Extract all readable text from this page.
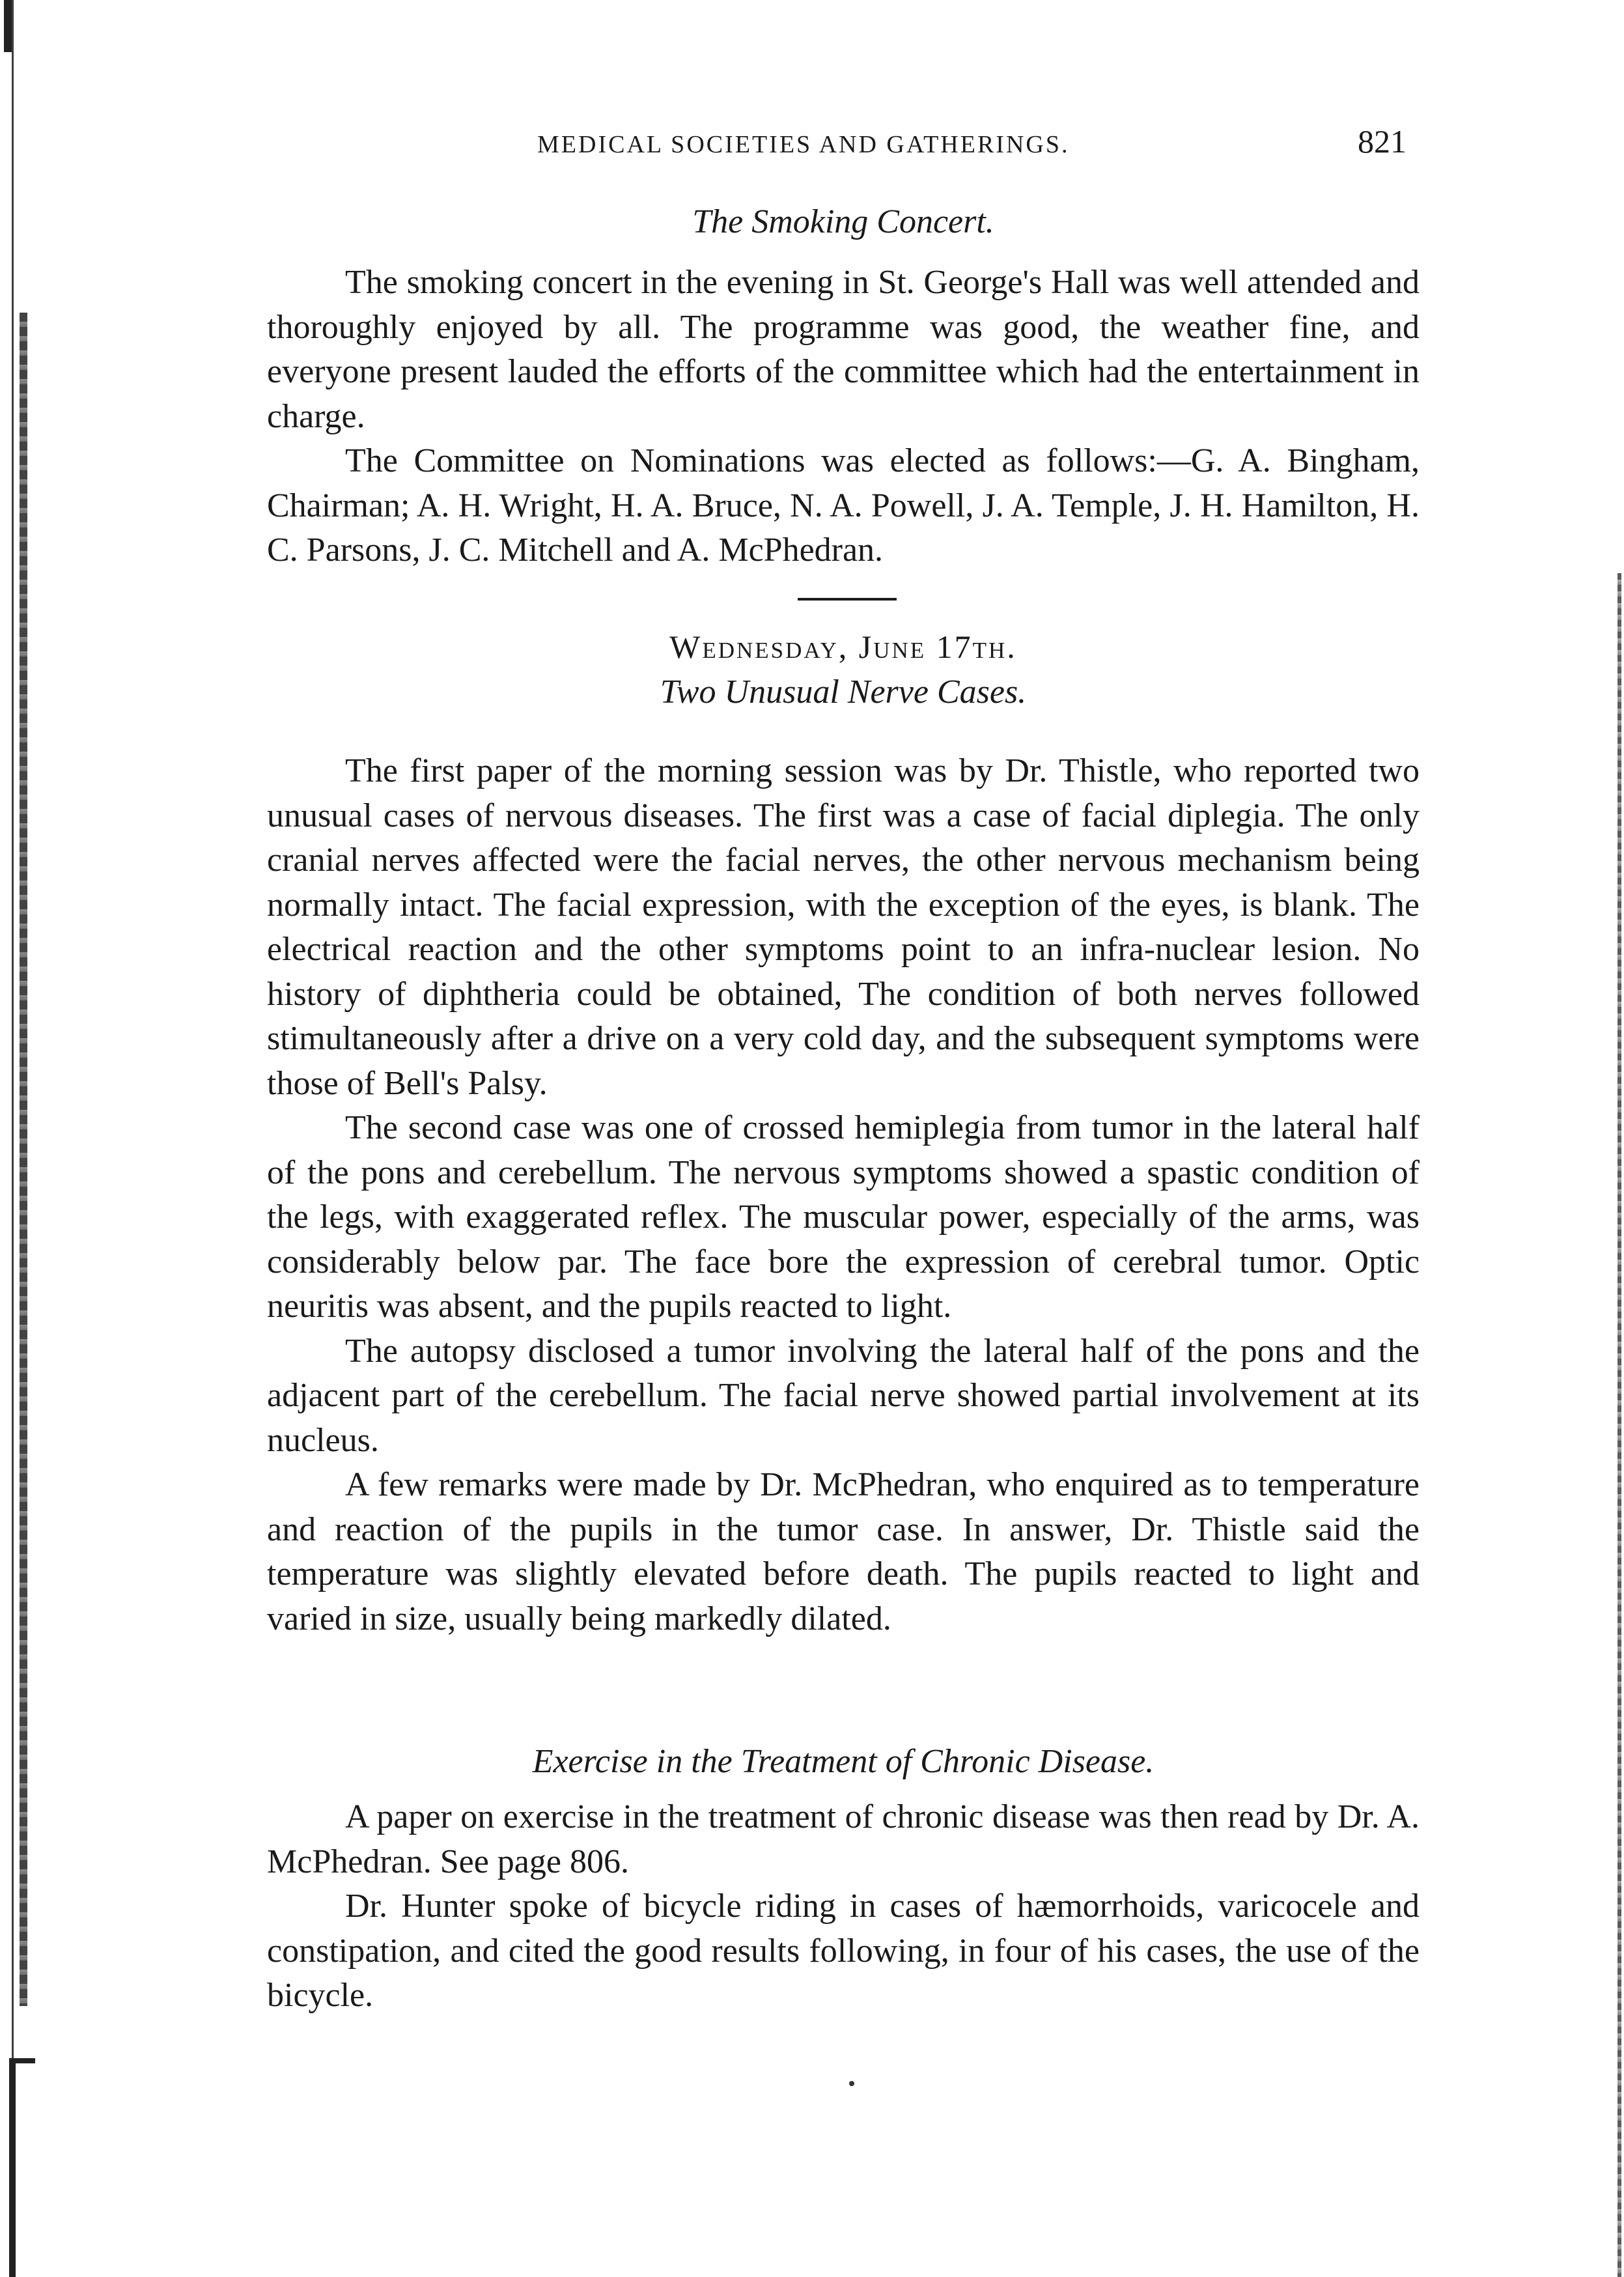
MEDICAL SOCIETIES AND GATHERINGS.	821
The Smoking Concert.

The smoking concert in the evening in St. George's Hall was well attended and thoroughly enjoyed by all. The programme was good, the weather fine, and everyone present lauded the efforts of the committee which had the entertainment in charge.

The Committee on Nominations was elected as follows:—G. A. Bingham, Chairman; A. H. Wright, H. A. Bruce, N. A. Powell, J. A. Temple, J. H. Hamilton, H. C. Parsons, J. C. Mitchell and A. McPhedran.

Wednesday, June 17th.
Two Unusual Nerve Cases.

The first paper of the morning session was by Dr. Thistle, who reported two unusual cases of nervous diseases. The first was a case of facial diplegia. The only cranial nerves affected were the facial nerves, the other nervous mechanism being normally intact. The facial expression, with the exception of the eyes, is blank. The electrical reaction and the other symptoms point to an infra-nuclear lesion. No history of diphtheria could be obtained, The condition of both nerves followed stimultaneously after a drive on a very cold day, and the subsequent symptoms were those of Bell's Palsy.

The second case was one of crossed hemiplegia from tumor in the lateral half of the pons and cerebellum. The nervous symptoms showed a spastic condition of the legs, with exaggerated reflex. The muscular power, especially of the arms, was considerably below par. The face bore the expression of cerebral tumor. Optic neuritis was absent, and the pupils reacted to light.

The autopsy disclosed a tumor involving the lateral half of the pons and the adjacent part of the cerebellum. The facial nerve showed partial involvement at its nucleus.

A few remarks were made by Dr. McPhedran, who enquired as to temperature and reaction of the pupils in the tumor case. In answer, Dr. Thistle said the temperature was slightly elevated before death. The pupils reacted to light and varied in size, usually being markedly dilated.

Exercise in the Treatment of Chronic Disease.

A paper on exercise in the treatment of chronic disease was then read by Dr. A. McPhedran. See page 806.

Dr. Hunter spoke of bicycle riding in cases of hæmorrhoids, varicocele and constipation, and cited the good results following, in four of his cases, the use of the bicycle.
